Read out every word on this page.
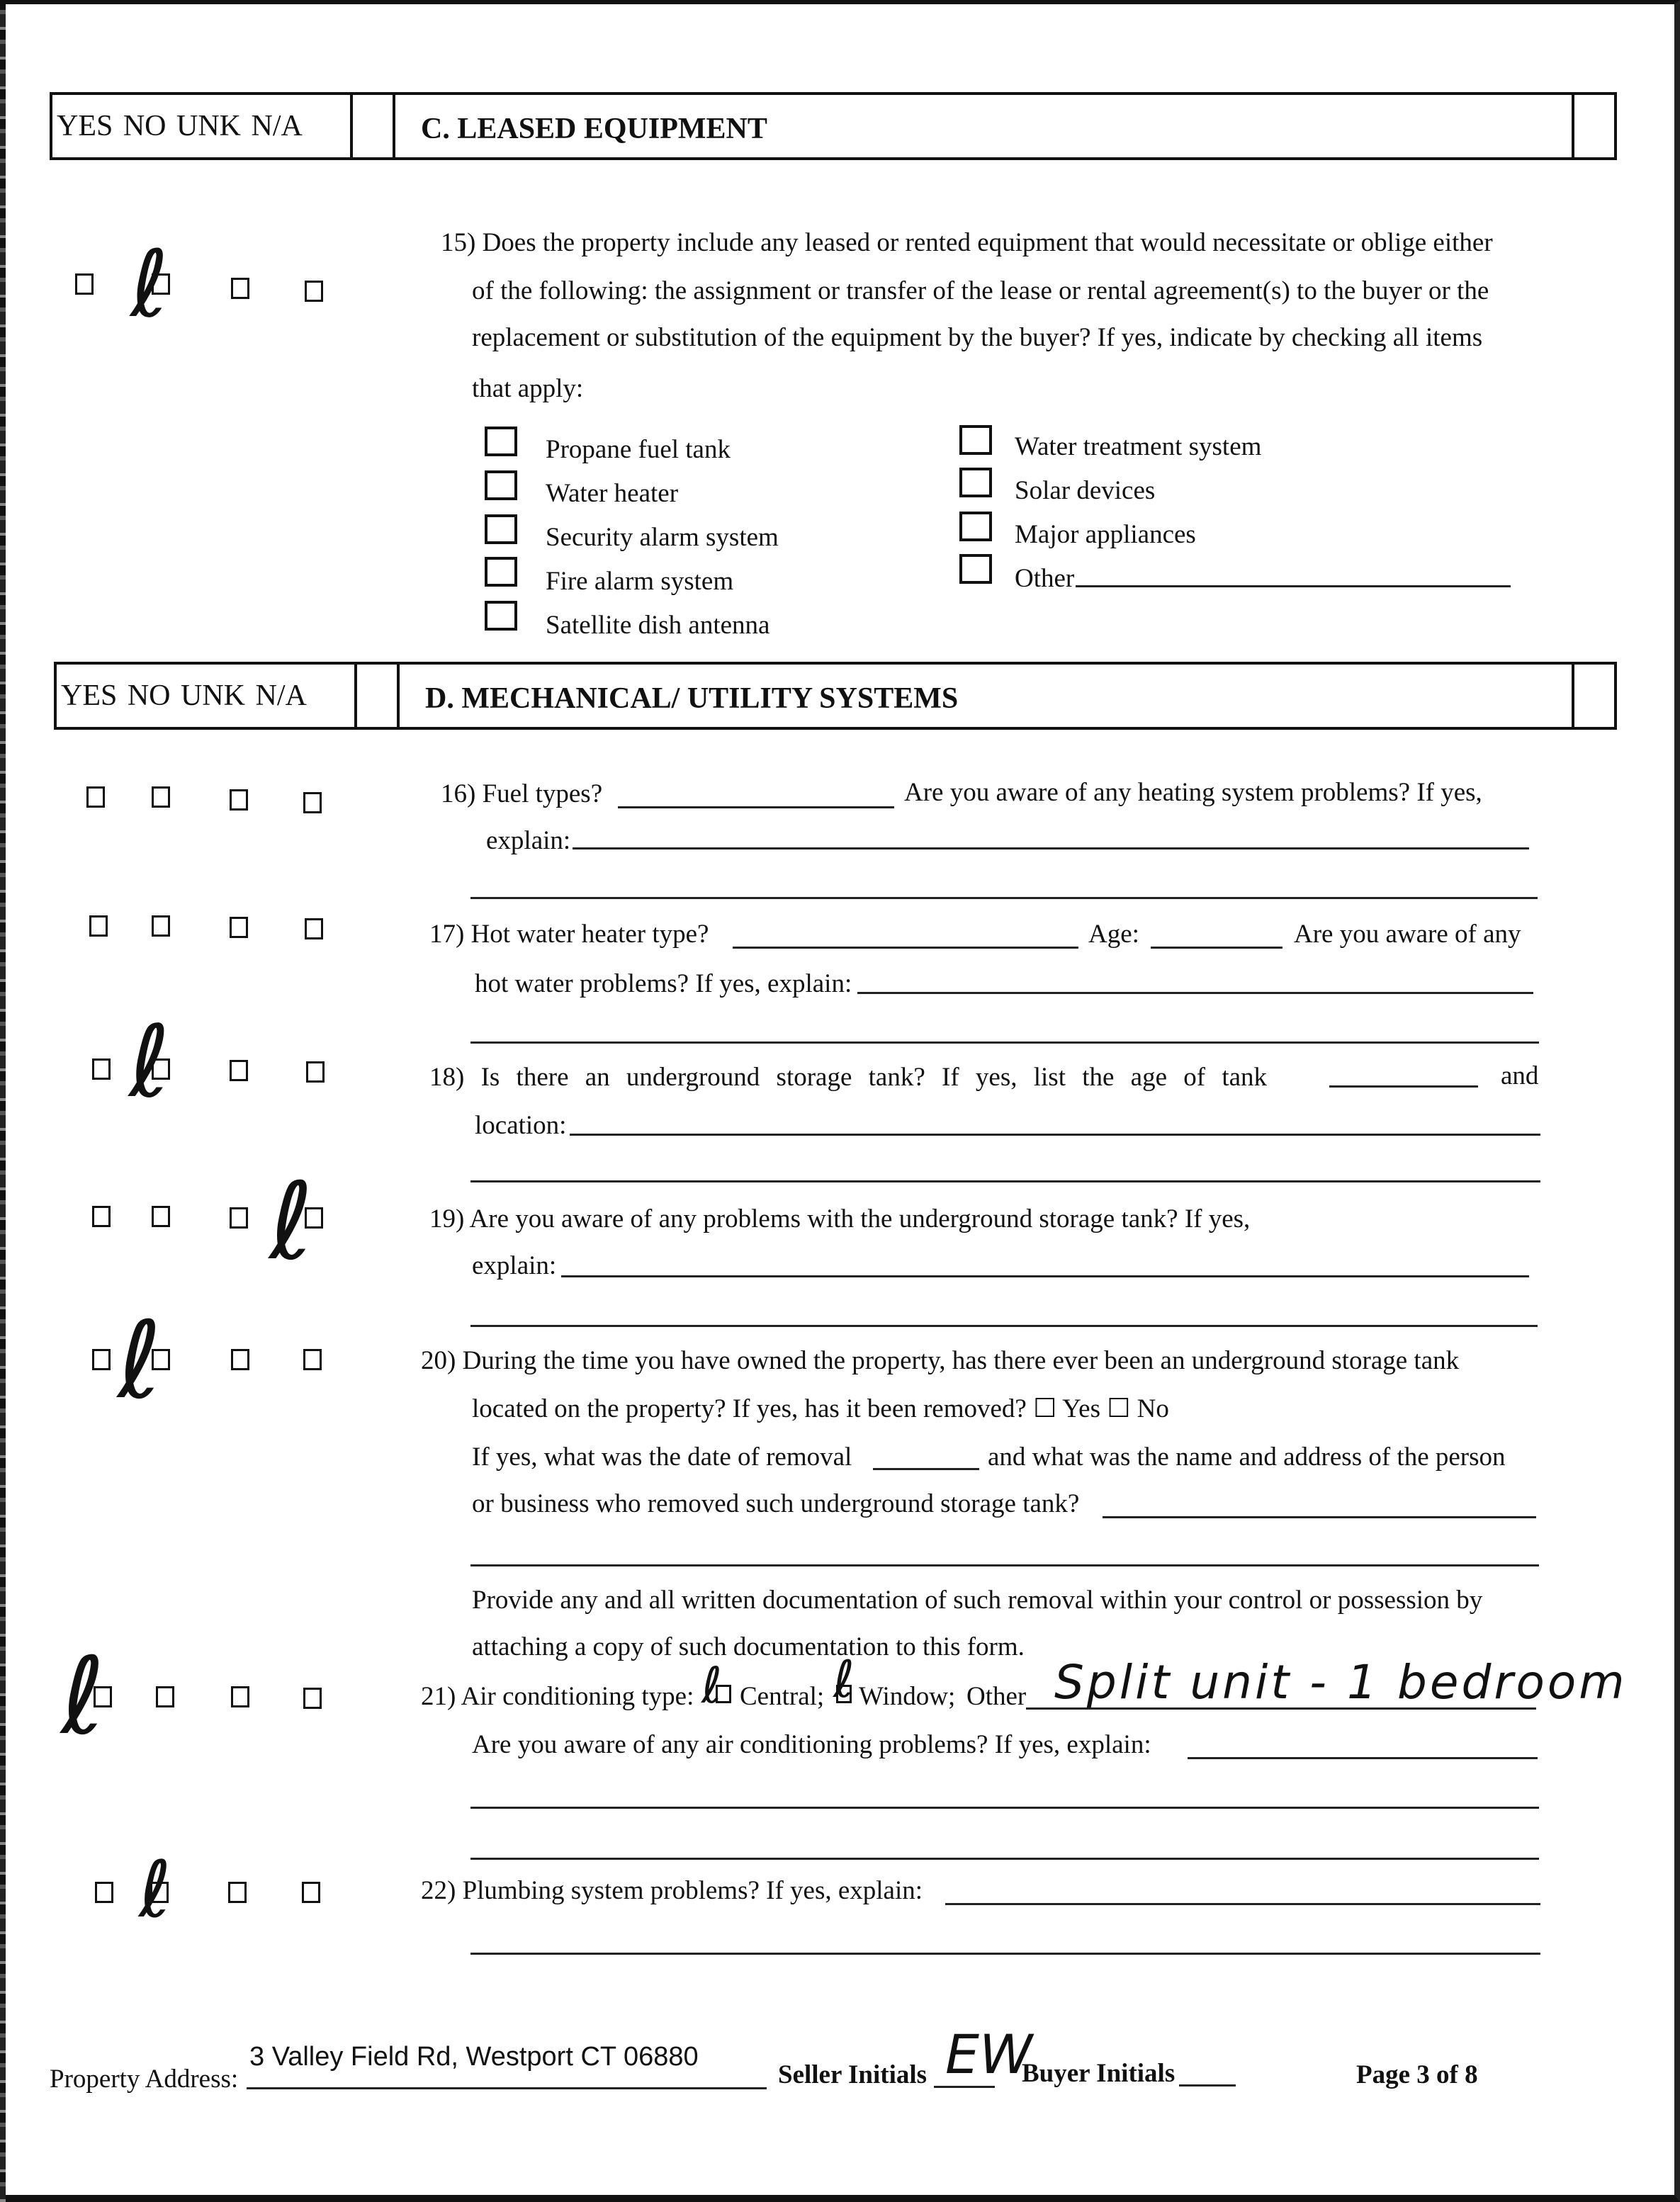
YES NO UNK N/A	C. LEASED EQUIPMENT
ℓ	15) Does the property include any leased or rented equipment that would necessitate or oblige either
of the following: the assignment or transfer of the lease or rental agreement(s) to the buyer or the
replacement or substitution of the equipment by the buyer? If yes, indicate by checking all items
that apply:
Propane fuel tank
Water heater
Security alarm system
Fire alarm system
Satellite dish antenna
Water treatment system
Solar devices
Major appliances
Other
YES NO UNK N/A	D. MECHANICAL/ UTILITY SYSTEMS
16) Fuel types?	Are you aware of any heating system problems? If yes,
explain:
17) Hot water heater type?	Age:	Are you aware of any
hot water problems? If yes, explain:
ℓ	18) Is there an underground storage tank? If yes, list the age of tank	and
location:
ℓ	19) Are you aware of any problems with the underground storage tank? If yes,
explain:
ℓ	20) During the time you have owned the property, has there ever been an underground storage tank
located on the property? If yes, has it been removed? ☐ Yes ☐ No
If yes, what was the date of removal	and what was the name and address of the person
or business who removed such underground storage tank?
Provide any and all written documentation of such removal within your control or possession by
attaching a copy of such documentation to this form.
ℓ	21) Air conditioning type: ℓ Central; ℓ Window; Other Split unit - 1 bedroom
Are you aware of any air conditioning problems? If yes, explain:
ℓ	22) Plumbing system problems? If yes, explain:
Property Address:
3 Valley Field Rd, Westport CT 06880
Seller Initials EW
Buyer Initials	Page 3 of 8
